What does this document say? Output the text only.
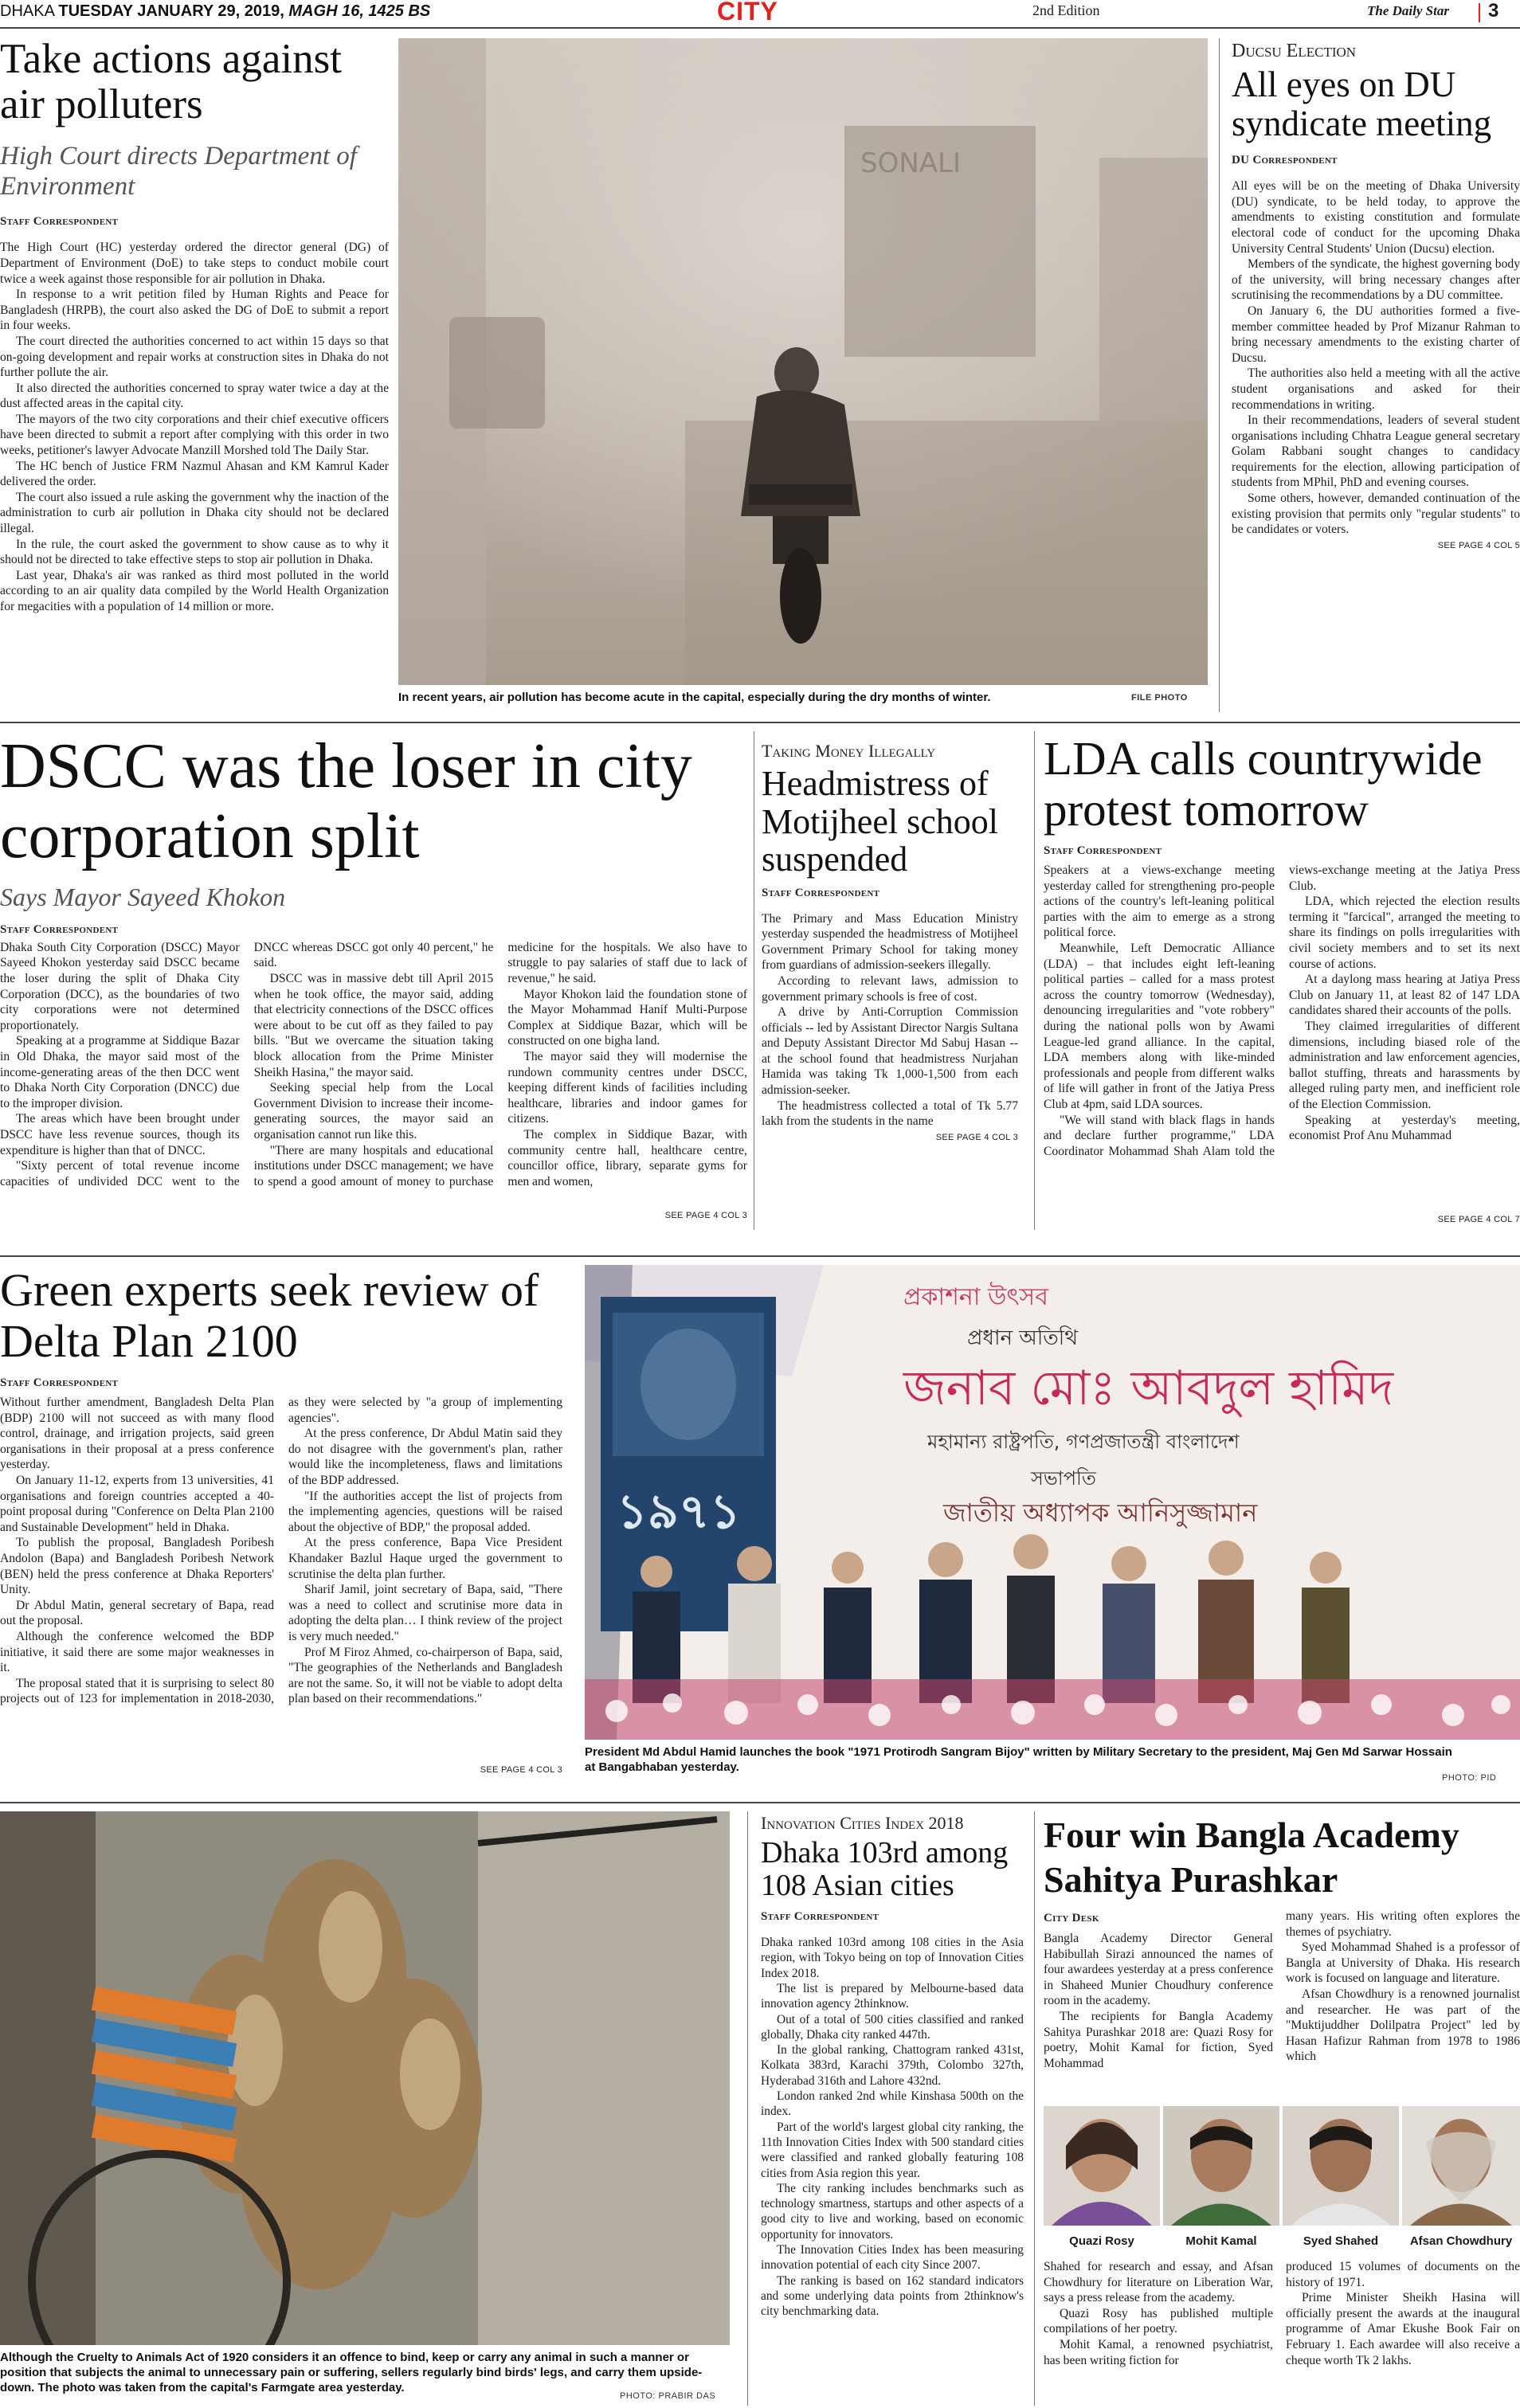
DHAKA TUESDAY JANUARY 29, 2019, MAGH 16, 1425 BS	CITY	2nd Edition	The Daily Star 3
Take actions against air polluters
High Court directs Department of Environment
Staff Correspondent

The High Court (HC) yesterday ordered the director general (DG) of Department of Environment (DoE) to take steps to conduct mobile court twice a week against those responsible for air pollution in Dhaka.

In response to a writ petition filed by Human Rights and Peace for Bangladesh (HRPB), the court also asked the DG of DoE to submit a report in four weeks.

The court directed the authorities concerned to act within 15 days so that on-going development and repair works at construction sites in Dhaka do not further pollute the air.

It also directed the authorities concerned to spray water twice a day at the dust affected areas in the capital city.

The mayors of the two city corporations and their chief executive officers have been directed to submit a report after complying with this order in two weeks, petitioner's lawyer Advocate Manzill Morshed told The Daily Star.

The HC bench of Justice FRM Nazmul Ahasan and KM Kamrul Kader delivered the order.

The court also issued a rule asking the government why the inaction of the administration to curb air pollution in Dhaka city should not be declared illegal.

In the rule, the court asked the government to show cause as to why it should not be directed to take effective steps to stop air pollution in Dhaka.

Last year, Dhaka's air was ranked as third most polluted in the world according to an air quality data compiled by the World Health Organization for megacities with a population of 14 million or more.

SONALI
In recent years, air pollution has become acute in the capital, especially during the dry months of winter.	FILE PHOTO
Ducsu Election
All eyes on DU syndicate meeting
DU Correspondent

All eyes will be on the meeting of Dhaka University (DU) syndicate, to be held today, to approve the amendments to existing constitution and formulate electoral code of conduct for the upcoming Dhaka University Central Students' Union (Ducsu) election.

Members of the syndicate, the highest governing body of the university, will bring necessary changes after scrutinising the recommendations by a DU committee.

On January 6, the DU authorities formed a five-member committee headed by Prof Mizanur Rahman to bring necessary amendments to the existing charter of Ducsu.

The authorities also held a meeting with all the active student organisations and asked for their recommendations in writing.

In their recommendations, leaders of several student organisations including Chhatra League general secretary Golam Rabbani sought changes to candidacy requirements for the election, allowing participation of students from MPhil, PhD and evening courses.

Some others, however, demanded continuation of the existing provision that permits only "regular students" to be candidates or voters.

SEE PAGE 4 COL 5
DSCC was the loser in city corporation split
Says Mayor Sayeed Khokon
Staff Correspondent

Dhaka South City Corporation (DSCC) Mayor Sayeed Khokon yesterday said DSCC became the loser during the split of Dhaka City Corporation (DCC), as the boundaries of two city corporations were not determined proportionately.

Speaking at a programme at Siddique Bazar in Old Dhaka, the mayor said most of the income-generating areas of the then DCC went to Dhaka North City Corporation (DNCC) due to the improper division.

The areas which have been brought under DSCC have less revenue sources, though its expenditure is higher than that of DNCC.

"Sixty percent of total revenue income capacities of undivided DCC went to the DNCC whereas DSCC got only 40 percent," he said.

DSCC was in massive debt till April 2015 when he took office, the mayor said, adding that electricity connections of the DSCC offices were about to be cut off as they failed to pay bills. "But we overcame the situation taking block allocation from the Prime Minister Sheikh Hasina," the mayor said.

Seeking special help from the Local Government Division to increase their income-generating sources, the mayor said an organisation cannot run like this.

"There are many hospitals and educational institutions under DSCC management; we have to spend a good amount of money to purchase medicine for the hospitals. We also have to struggle to pay salaries of staff due to lack of revenue," he said.

Mayor Khokon laid the foundation stone of the Mayor Mohammad Hanif Multi-Purpose Complex at Siddique Bazar, which will be constructed on one bigha land.

The mayor said they will modernise the rundown community centres under DSCC, keeping different kinds of facilities including healthcare, libraries and indoor games for citizens.

The complex in Siddique Bazar, with community centre hall, healthcare centre, councillor office, library, separate gyms for men and women,

SEE PAGE 4 COL 3
Taking Money Illegally
Headmistress of Motijheel school suspended
Staff Correspondent

The Primary and Mass Education Ministry yesterday suspended the headmistress of Motijheel Government Primary School for taking money from guardians of admission-seekers illegally.

According to relevant laws, admission to government primary schools is free of cost.

A drive by Anti-Corruption Commission officials -- led by Assistant Director Nargis Sultana and Deputy Assistant Director Md Sabuj Hasan -- at the school found that headmistress Nurjahan Hamida was taking Tk 1,000-1,500 from each admission-seeker.

The headmistress collected a total of Tk 5.77 lakh from the students in the name

SEE PAGE 4 COL 3
LDA calls countrywide protest tomorrow
Staff Correspondent

Speakers at a views-exchange meeting yesterday called for strengthening pro-people actions of the country's left-leaning political parties with the aim to emerge as a strong political force.

Meanwhile, Left Democratic Alliance (LDA) – that includes eight left-leaning political parties – called for a mass protest across the country tomorrow (Wednesday), denouncing irregularities and "vote robbery" during the national polls won by Awami League-led grand alliance. In the capital, LDA members along with like-minded professionals and people from different walks of life will gather in front of the Jatiya Press Club at 4pm, said LDA sources.

"We will stand with black flags in hands and declare further programme," LDA Coordinator Mohammad Shah Alam told the views-exchange meeting at the Jatiya Press Club.

LDA, which rejected the election results terming it "farcical", arranged the meeting to share its findings on polls irregularities with civil society members and to set its next course of actions.

At a daylong mass hearing at Jatiya Press Club on January 11, at least 82 of 147 LDA candidates shared their accounts of the polls.

They claimed irregularities of different dimensions, including biased role of the administration and law enforcement agencies, ballot stuffing, threats and harassments by alleged ruling party men, and inefficient role of the Election Commission.

Speaking at yesterday's meeting, economist Prof Anu Muhammad

SEE PAGE 4 COL 7
Green experts seek review of Delta Plan 2100
Staff Correspondent

Without further amendment, Bangladesh Delta Plan (BDP) 2100 will not succeed as with many flood control, drainage, and irrigation projects, said green organisations in their proposal at a press conference yesterday.

On January 11-12, experts from 13 universities, 41 organisations and foreign countries accepted a 40-point proposal during "Conference on Delta Plan 2100 and Sustainable Development" held in Dhaka.

To publish the proposal, Bangladesh Poribesh Andolon (Bapa) and Bangladesh Poribesh Network (BEN) held the press conference at Dhaka Reporters' Unity.

Dr Abdul Matin, general secretary of Bapa, read out the proposal.

Although the conference welcomed the BDP initiative, it said there are some major weaknesses in it.

The proposal stated that it is surprising to select 80 projects out of 123 for implementation in 2018-2030, as they were selected by "a group of implementing agencies".

At the press conference, Dr Abdul Matin said they do not disagree with the government's plan, rather would like the incompleteness, flaws and limitations of the BDP addressed.

"If the authorities accept the list of projects from the implementing agencies, questions will be raised about the objective of BDP," the proposal added.

At the press conference, Bapa Vice President Khandaker Bazlul Haque urged the government to scrutinise the delta plan further.

Sharif Jamil, joint secretary of Bapa, said, "There was a need to collect and scrutinise more data in adopting the delta plan… I think review of the project is very much needed."

Prof M Firoz Ahmed, co-chairperson of Bapa, said, "The geographies of the Netherlands and Bangladesh are not the same. So, it will not be viable to adopt delta plan based on their recommendations."

SEE PAGE 4 COL 3
১৯৭১
প্রকাশনা উৎসব
প্রধান অতিথি
জনাব মোঃ আবদুল হামিদ
মহামান্য রাষ্ট্রপতি, গণপ্রজাতন্ত্রী বাংলাদেশ
সভাপতি
জাতীয় অধ্যাপক আনিসুজ্জামান
President Md Abdul Hamid launches the book "1971 Protirodh Sangram Bijoy" written by Military Secretary to the president, Maj Gen Md Sarwar Hossain at Bangabhaban yesterday.
PHOTO: PID
Although the Cruelty to Animals Act of 1920 considers it an offence to bind, keep or carry any animal in such a manner or position that subjects the animal to unnecessary pain or suffering, sellers regularly bind birds' legs, and carry them upside-down. The photo was taken from the capital's Farmgate area yesterday.
PHOTO: PRABIR DAS
Innovation Cities Index 2018
Dhaka 103rd among 108 Asian cities
Staff Correspondent

Dhaka ranked 103rd among 108 cities in the Asia region, with Tokyo being on top of Innovation Cities Index 2018.

The list is prepared by Melbourne-based data innovation agency 2thinknow.

Out of a total of 500 cities classified and ranked globally, Dhaka city ranked 447th.

In the global ranking, Chattogram ranked 431st, Kolkata 383rd, Karachi 379th, Colombo 327th, Hyderabad 316th and Lahore 432nd.

London ranked 2nd while Kinshasa 500th on the index.

Part of the world's largest global city ranking, the 11th Innovation Cities Index with 500 standard cities were classified and ranked globally featuring 108 cities from Asia region this year.

The city ranking includes benchmarks such as technology smartness, startups and other aspects of a good city to live and working, based on economic opportunity for innovators.

The Innovation Cities Index has been measuring innovation potential of each city Since 2007.

The ranking is based on 162 standard indicators and some underlying data points from 2thinknow's city benchmarking data.

Four win Bangla Academy Sahitya Purashkar
City Desk

Bangla Academy Director General Habibullah Sirazi announced the names of four awardees yesterday at a press conference in Shaheed Munier Choudhury conference room in the academy.

The recipients for Bangla Academy Sahitya Purashkar 2018 are: Quazi Rosy for poetry, Mohit Kamal for fiction, Syed Mohammad

many years. His writing often explores the themes of psychiatry.

Syed Mohammad Shahed is a professor of Bangla at University of Dhaka. His research work is focused on language and literature.

Afsan Chowdhury is a renowned journalist and researcher. He was part of the "Muktijuddher Dolilpatra Project" led by Hasan Hafizur Rahman from 1978 to 1986 which

Quazi Rosy	Mohit Kamal	Syed Shahed	Afsan Chowdhury

Shahed for research and essay, and Afsan Chowdhury for literature on Liberation War, says a press release from the academy.

Quazi Rosy has published multiple compilations of her poetry.

Mohit Kamal, a renowned psychiatrist, has been writing fiction for

produced 15 volumes of documents on the history of 1971.

Prime Minister Sheikh Hasina will officially present the awards at the inaugural programme of Amar Ekushe Book Fair on February 1. Each awardee will also receive a cheque worth Tk 2 lakhs.
